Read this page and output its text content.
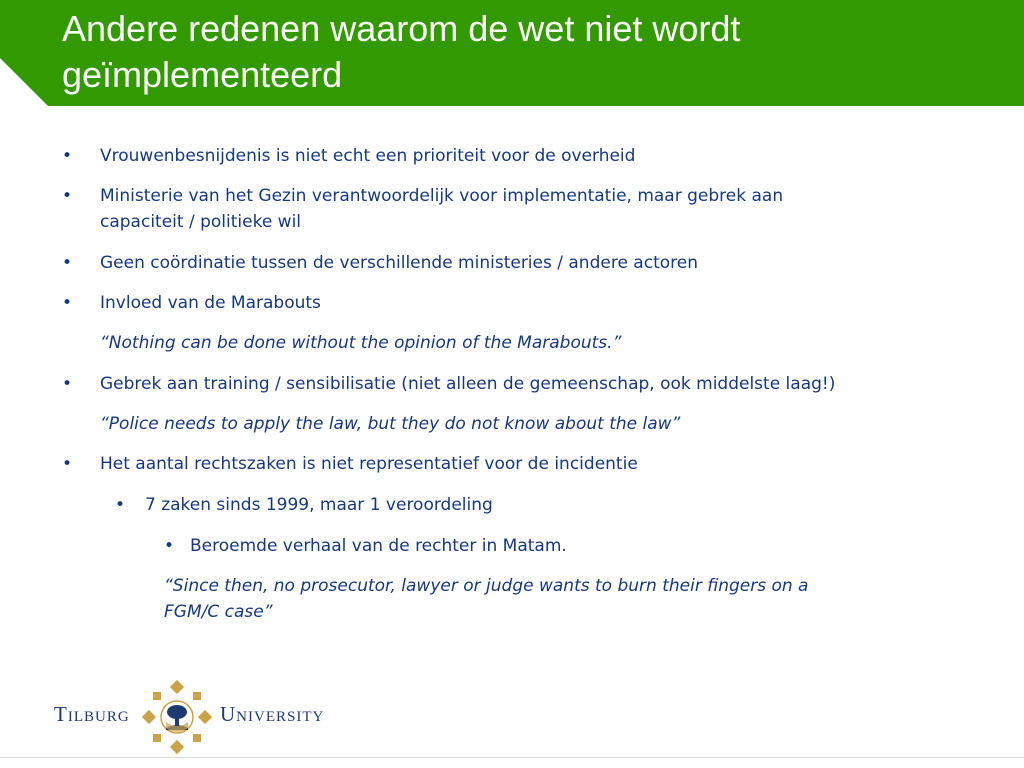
Andere redenen waarom de wet niet wordt
geïmplementeerd
• Vrouwenbesnijdenis is niet echt een prioriteit voor de overheid
• Ministerie van het Gezin verantwoordelijk voor implementatie, maar gebrek aan
capaciteit / politieke wil
• Geen coördinatie tussen de verschillende ministeries / andere actoren
• Invloed van de Marabouts
“Nothing can be done without the opinion of the Marabouts.”
• Gebrek aan training / sensibilisatie (niet alleen de gemeenschap, ook middelste laag!)
“Police needs to apply the law, but they do not know about the law”
• Het aantal rechtszaken is niet representatief voor de incidentie
• 7 zaken sinds 1999, maar 1 veroordeling
• Beroemde verhaal van de rechter in Matam.
“Since then, no prosecutor, lawyer or judge wants to burn their fingers on a
FGM/C case”
Tilburg	University
